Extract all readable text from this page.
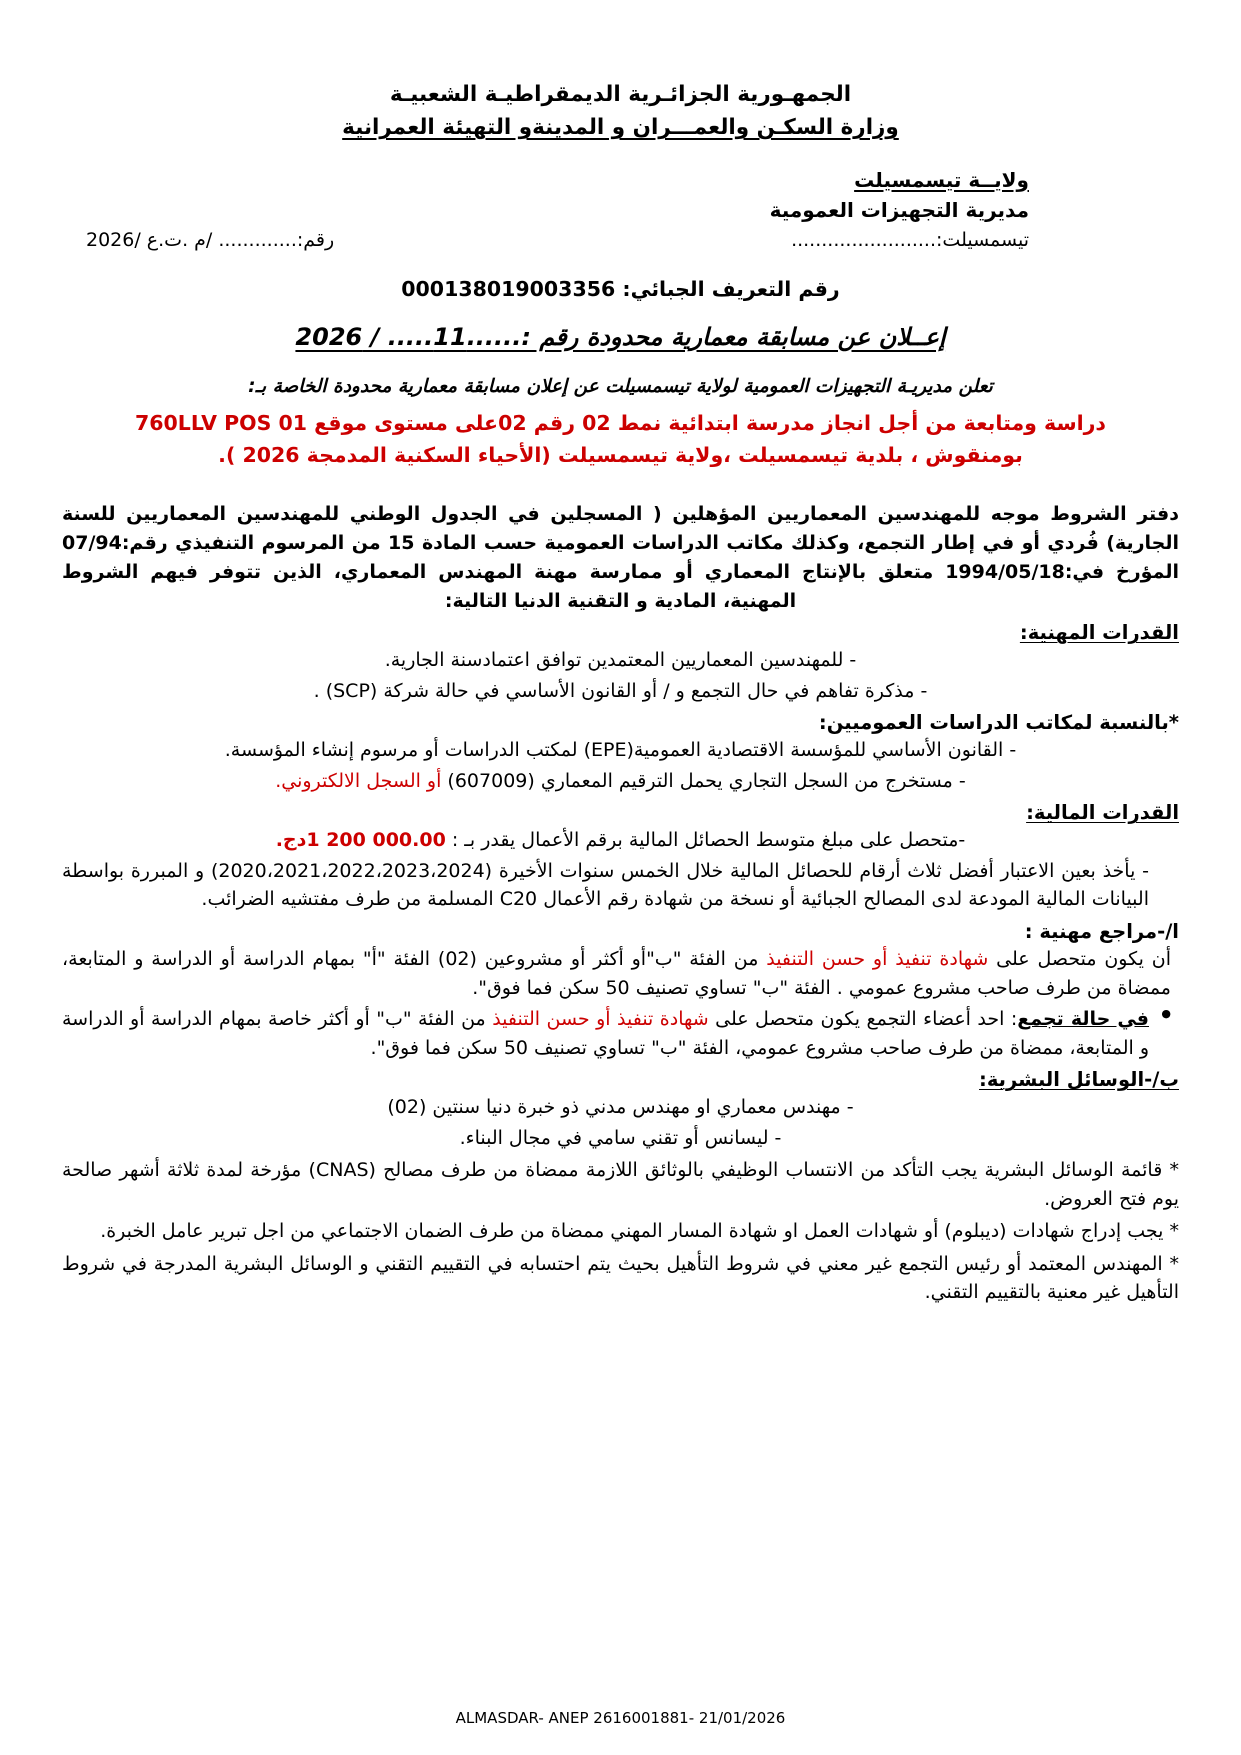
الجمهـورية الجزائـرية الديمقراطيـة الشعبيـة
وزارة السكـن والعمـــران و المدينةو التهيئة العمرانية
ولايــة تيسمسيلت
مديرية التجهيزات العمومية
رقم:............. /م .ت.ع /2026	تيسمسيلت:........................
رقم التعريف الجبائي: 000138019003356
إعــلان عن مسابقة معمارية محدودة رقم :......11..... / 2026
تعلن مديريـة التجهيزات العمومية لولاية تيسمسيلت عن إعلان مسابقة معمارية محدودة الخاصة بـ:
دراسة ومتابعة من أجل انجاز مدرسة ابتدائية نمط 02 رقم 02على مستوى موقع 760LLV POS 01
بومنقوش ، بلدية تيسمسيلت ،ولاية تيسمسيلت (الأحياء السكنية المدمجة 2026 ).
دفتر الشروط موجه للمهندسين المعماريين المؤهلين ( المسجلين في الجدول الوطني للمهندسين المعماريين للسنة الجارية) فُردي أو في إطار التجمع، وكذلك مكاتب الدراسات العمومية حسب المادة 15 من المرسوم التنفيذي رقم:07/94 المؤرخ في:1994/05/18 متعلق بالإنتاج المعماري أو ممارسة مهنة المهندس المعماري، الذين تتوفر فيهم الشروط المهنية، المادية و التقنية الدنيا التالية:
القدرات المهنية:
- للمهندسين المعماريين المعتمدين توافق اعتمادسنة الجارية.
- مذكرة تفاهم في حال التجمع و / أو القانون الأساسي في حالة شركة (SCP) .
*بالنسبة لمكاتب الدراسات العموميين:
- القانون الأساسي للمؤسسة الاقتصادية العمومية(EPE) لمكتب الدراسات أو مرسوم إنشاء المؤسسة.
- مستخرج من السجل التجاري يحمل الترقيم المعماري (607009) أو السجل الالكتروني.
القدرات المالية:
-متحصل على مبلغ متوسط الحصائل المالية برقم الأعمال يقدر بـ : 1 200 000.00دج.
- يأخذ بعين الاعتبار أفضل ثلاث أرقام للحصائل المالية خلال الخمس سنوات الأخيرة (2020،2021،2022،2023،2024) و المبررة بواسطة البيانات المالية المودعة لدى المصالح الجبائية أو نسخة من شهادة رقم الأعمال C20 المسلمة من طرف مفتشيه الضرائب.
ا/-مراجع مهنية :
أن يكون متحصل على شهادة تنفيذ أو حسن التنفيذ من الفئة "ب"أو أكثر أو مشروعين (02) الفئة "أ" بمهام الدراسة أو الدراسة و المتابعة، ممضاة من طرف صاحب مشروع عمومي . الفئة "ب" تساوي تصنيف 50 سكن فما فوق".
● في حالة تجمع: احد أعضاء التجمع يكون متحصل على شهادة تنفيذ أو حسن التنفيذ من الفئة "ب" أو أكثر خاصة بمهام الدراسة أو الدراسة و المتابعة، ممضاة من طرف صاحب مشروع عمومي، الفئة "ب" تساوي تصنيف 50 سكن فما فوق".
ب/-الوسائل البشرية:
- مهندس معماري او مهندس مدني ذو خبرة دنيا سنتين (02)
- ليسانس أو تقني سامي في مجال البناء.
* قائمة الوسائل البشرية يجب التأكد من الانتساب الوظيفي بالوثائق اللازمة ممضاة من طرف مصالح (CNAS) مؤرخة لمدة ثلاثة أشهر صالحة يوم فتح العروض.
* يجب إدراج شهادات (ديبلوم) أو شهادات العمل او شهادة المسار المهني ممضاة من طرف الضمان الاجتماعي من اجل تبرير عامل الخبرة.
* المهندس المعتمد أو رئيس التجمع غير معني في شروط التأهيل بحيث يتم احتسابه في التقييم التقني و الوسائل البشرية المدرجة في شروط التأهيل غير معنية بالتقييم التقني.
ALMASDAR- ANEP 2616001881- 21/01/2026
